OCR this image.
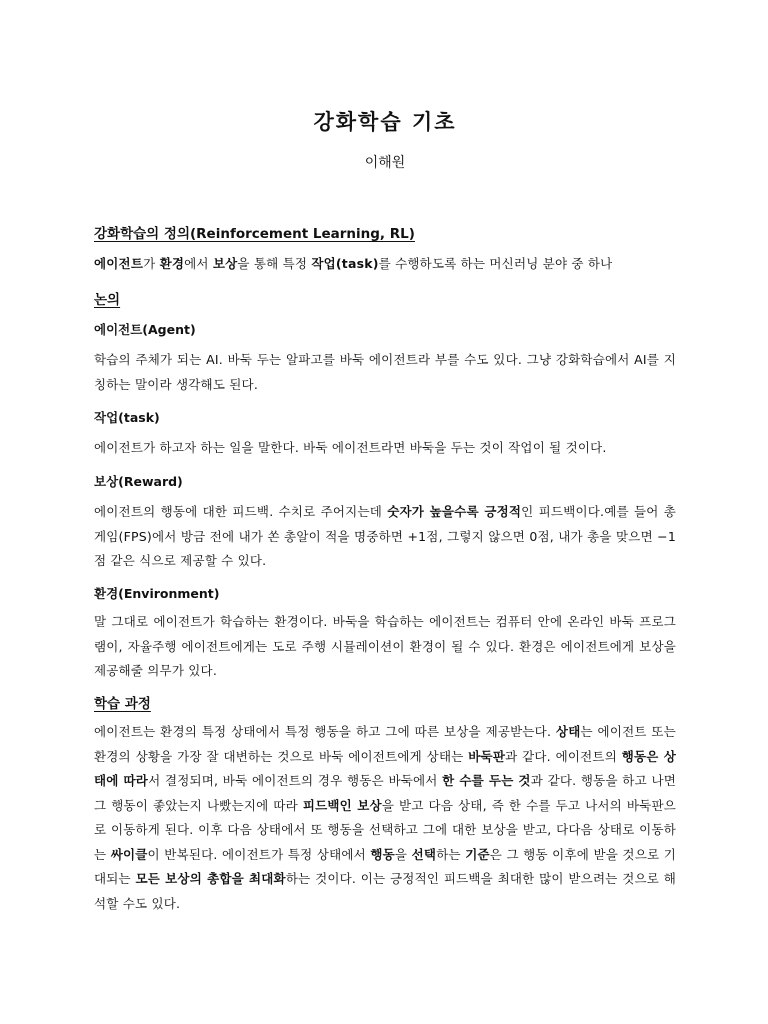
강화학습 기초

이해원

강화학습의 정의(Reinforcement Learning, RL)

에이전트가 환경에서 보상을 통해 특정 작업(task)를 수행하도록 하는 머신러닝 분야 중 하나

논의
에이전트(Agent)

학습의 주체가 되는 AI. 바둑 두는 알파고를 바둑 에이전트라 부를 수도 있다. 그냥 강화학습에서 AI를 지칭하는 말이라 생각해도 된다.

작업(task)

에이전트가 하고자 하는 일을 말한다. 바둑 에이전트라면 바둑을 두는 것이 작업이 될 것이다.

보상(Reward)

에이전트의 행동에 대한 피드백. 수치로 주어지는데 숫자가 높을수록 긍정적인 피드백이다.예를 들어 총게임(FPS)에서 방금 전에 내가 쏜 총알이 적을 명중하면 +1점, 그렇지 않으면 0점, 내가 총을 맞으면 −1점 같은 식으로 제공할 수 있다.

환경(Environment)

말 그대로 에이전트가 학습하는 환경이다. 바둑을 학습하는 에이전트는 컴퓨터 안에 온라인 바둑 프로그램이, 자율주행 에이전트에게는 도로 주행 시뮬레이션이 환경이 될 수 있다. 환경은 에이전트에게 보상을 제공해줄 의무가 있다.

학습 과정

에이전트는 환경의 특정 상태에서 특정 행동을 하고 그에 따른 보상을 제공받는다. 상태는 에이전트 또는 환경의 상황을 가장 잘 대변하는 것으로 바둑 에이전트에게 상태는 바둑판과 같다. 에이전트의 행동은 상태에 따라서 결정되며, 바둑 에이전트의 경우 행동은 바둑에서 한 수를 두는 것과 같다. 행동을 하고 나면 그 행동이 좋았는지 나빴는지에 따라 피드백인 보상을 받고 다음 상태, 즉 한 수를 두고 나서의 바둑판으로 이동하게 된다. 이후 다음 상태에서 또 행동을 선택하고 그에 대한 보상을 받고, 다다음 상태로 이동하는 싸이클이 반복된다. 에이전트가 특정 상태에서 행동을 선택하는 기준은 그 행동 이후에 받을 것으로 기대되는 모든 보상의 총합을 최대화하는 것이다. 이는 긍정적인 피드백을 최대한 많이 받으려는 것으로 해석할 수도 있다.
